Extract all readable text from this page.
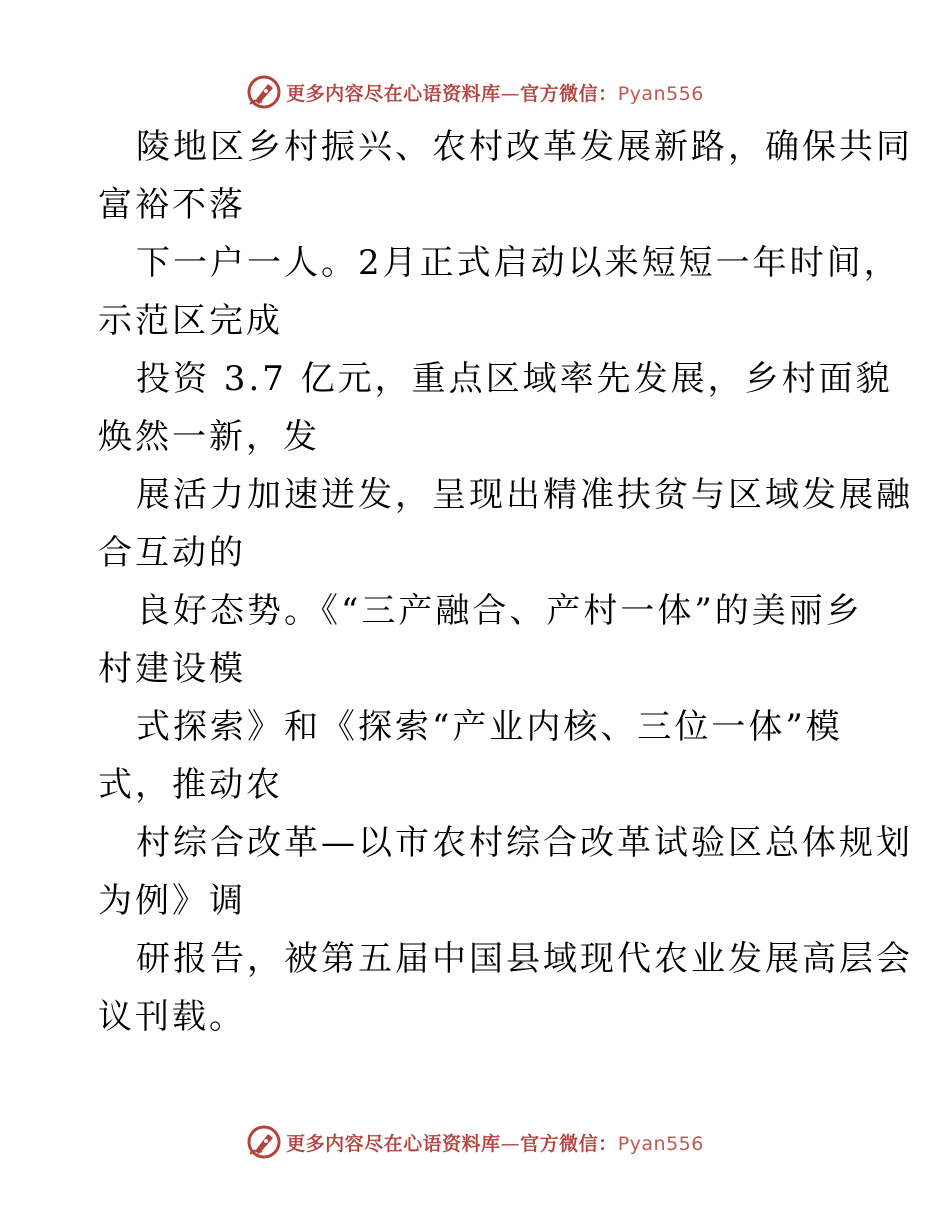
更多内容尽在心语资料库—官方微信：Pyan556
陵地区乡村振兴、农村改革发展新路，确保共同
富裕不落
下一户一人。2月正式启动以来短短一年时间，
示范区完成
投资 3.7 亿元，重点区域率先发展，乡村面貌
焕然一新，发
展活力加速迸发，呈现出精准扶贫与区域发展融
合互动的
良好态势。《“三产融合、产村一体”的美丽乡
村建设模
式探索》和《探索“产业内核、三位一体”模
式，推动农
村综合改革—以市农村综合改革试验区总体规划
为例》调
研报告，被第五届中国县域现代农业发展高层会
议刊载。
更多内容尽在心语资料库—官方微信：Pyan556
